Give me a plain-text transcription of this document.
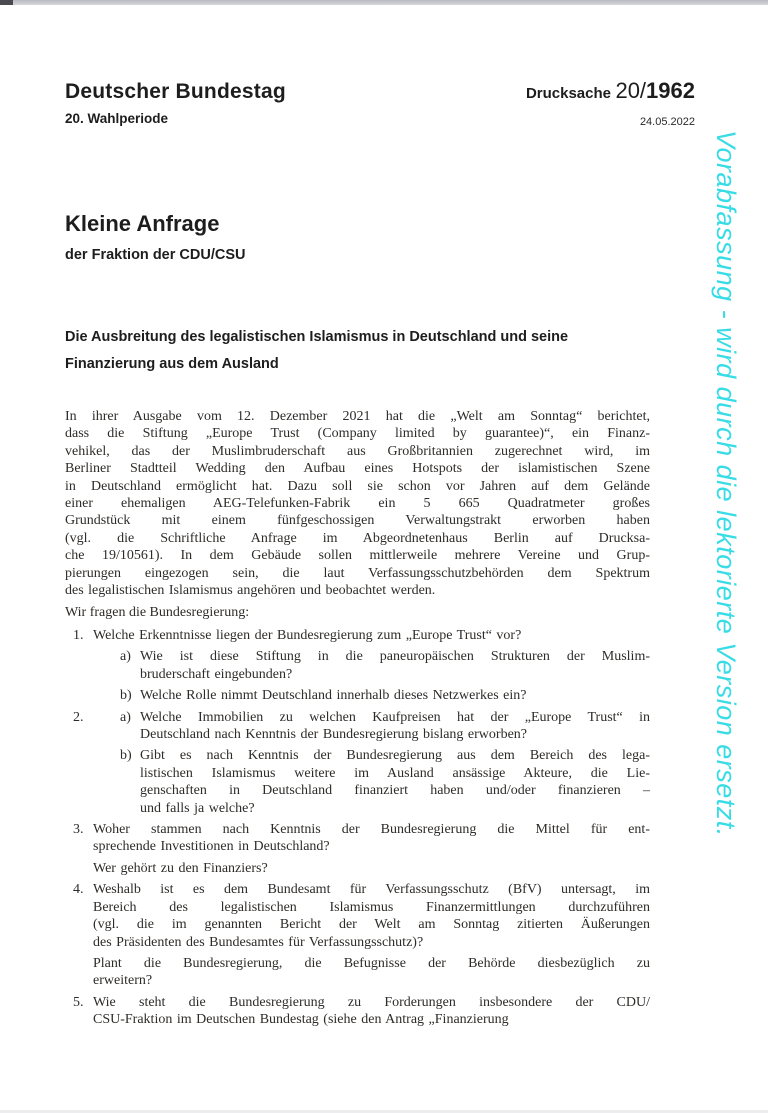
Deutscher Bundestag
20. Wahlperiode
Drucksache 20/1962
24.05.2022
Vorabfassung - wird durch die lektorierte Version ersetzt.
Kleine Anfrage
der Fraktion der CDU/CSU
Die Ausbreitung des legalistischen Islamismus in Deutschland und seine
Finanzierung aus dem Ausland
In ihrer Ausgabe vom 12. Dezember 2021 hat die „Welt am Sonntag“ berichtet,
dass die Stiftung „Europe Trust (Company limited by guarantee)“, ein Finanz-
vehikel, das der Muslimbruderschaft aus Großbritannien zugerechnet wird, im
Berliner Stadtteil Wedding den Aufbau eines Hotspots der islamistischen Szene
in Deutschland ermöglicht hat. Dazu soll sie schon vor Jahren auf dem Gelände
einer ehemaligen AEG-Telefunken-Fabrik ein 5 665 Quadratmeter großes
Grundstück mit einem fünfgeschossigen Verwaltungstrakt erworben haben
(vgl. die Schriftliche Anfrage im Abgeordnetenhaus Berlin auf Drucksa-
che 19/10561). In dem Gebäude sollen mittlerweile mehrere Vereine und Grup-
pierungen eingezogen sein, die laut Verfassungsschutzbehörden dem Spektrum
des legalistischen Islamismus angehören und beobachtet werden.
Wir fragen die Bundesregierung:
1. Welche Erkenntnisse liegen der Bundesregierung zum „Europe Trust“ vor?
a) Wie ist diese Stiftung in die paneuropäischen Strukturen der Muslim-
bruderschaft eingebunden?
b) Welche Rolle nimmt Deutschland innerhalb dieses Netzwerkes ein?
2.	a) Welche Immobilien zu welchen Kaufpreisen hat der „Europe Trust“ in
Deutschland nach Kenntnis der Bundesregierung bislang erworben?
b) Gibt es nach Kenntnis der Bundesregierung aus dem Bereich des lega-
listischen Islamismus weitere im Ausland ansässige Akteure, die Lie-
genschaften in Deutschland finanziert haben und/oder finanzieren –
und falls ja welche?
3. Woher stammen nach Kenntnis der Bundesregierung die Mittel für ent-
sprechende Investitionen in Deutschland?
Wer gehört zu den Finanziers?
4. Weshalb ist es dem Bundesamt für Verfassungsschutz (BfV) untersagt, im
Bereich des legalistischen Islamismus Finanzermittlungen durchzuführen
(vgl. die im genannten Bericht der Welt am Sonntag zitierten Äußerungen
des Präsidenten des Bundesamtes für Verfassungsschutz)?
Plant die Bundesregierung, die Befugnisse der Behörde diesbezüglich zu
erweitern?
5. Wie steht die Bundesregierung zu Forderungen insbesondere der CDU/
CSU-Fraktion im Deutschen Bundestag (siehe den Antrag „Finanzierung
